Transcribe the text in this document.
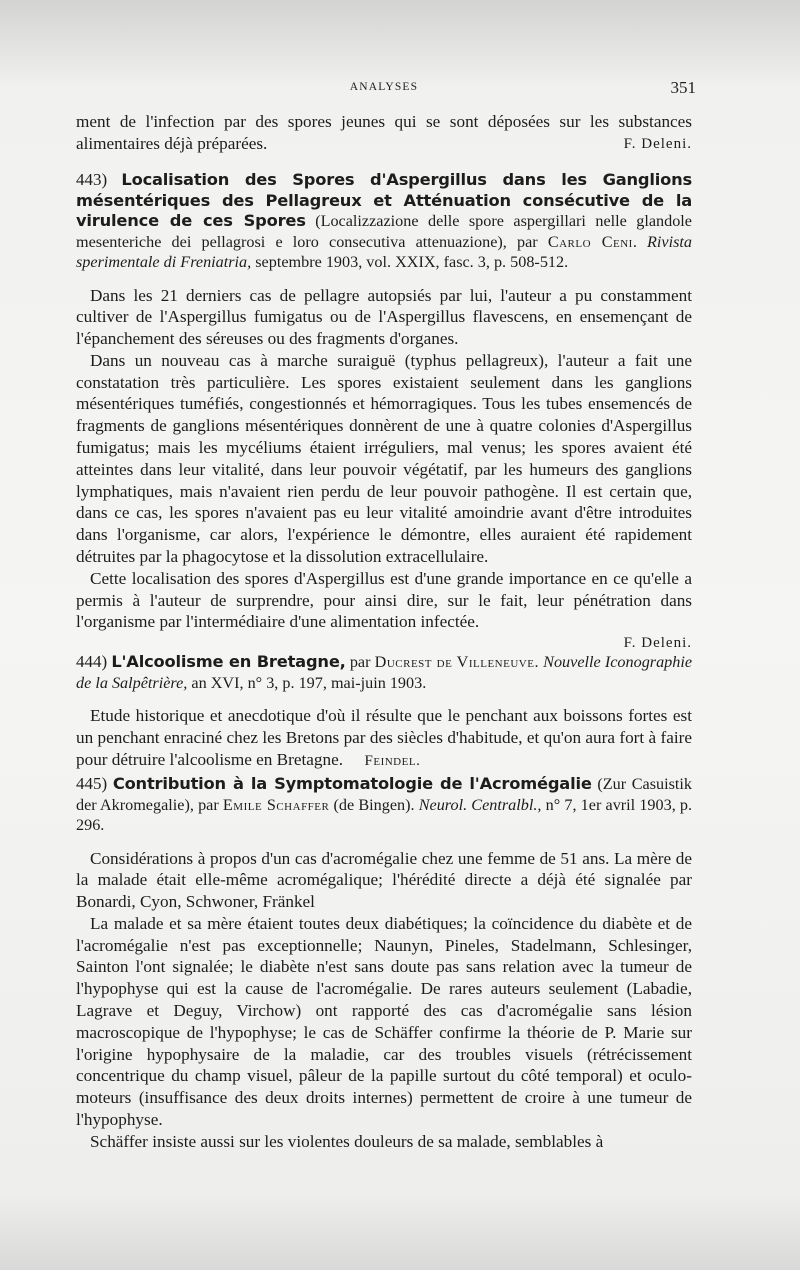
ANALYSES	351

ment de l'infection par des spores jeunes qui se sont déposées sur les substances alimentaires déjà préparées.	F. Deleni.

443) Localisation des Spores d'Aspergillus dans les Ganglions mésentériques des Pellagreux et Atténuation consécutive de la virulence de ces Spores (Localizzazione delle spore aspergillari nelle glandole mesenteriche dei pellagrosi e loro consecutiva attenuazione), par Carlo Ceni. Rivista sperimentale di Freniatria, septembre 1903, vol. XXIX, fasc. 3, p. 508-512.

Dans les 21 derniers cas de pellagre autopsiés par lui, l'auteur a pu constamment cultiver de l'Aspergillus fumigatus ou de l'Aspergillus flavescens, en ensemençant de l'épanchement des séreuses ou des fragments d'organes.

Dans un nouveau cas à marche suraiguë (typhus pellagreux), l'auteur a fait une constatation très particulière. Les spores existaient seulement dans les ganglions mésentériques tuméfiés, congestionnés et hémorragiques. Tous les tubes ensemencés de fragments de ganglions mésentériques donnèrent de une à quatre colonies d'Aspergillus fumigatus; mais les mycéliums étaient irréguliers, mal venus; les spores avaient été atteintes dans leur vitalité, dans leur pouvoir végétatif, par les humeurs des ganglions lymphatiques, mais n'avaient rien perdu de leur pouvoir pathogène. Il est certain que, dans ce cas, les spores n'avaient pas eu leur vitalité amoindrie avant d'être introduites dans l'organisme, car alors, l'expérience le démontre, elles auraient été rapidement détruites par la phagocytose et la dissolution extracellulaire.

Cette localisation des spores d'Aspergillus est d'une grande importance en ce qu'elle a permis à l'auteur de surprendre, pour ainsi dire, sur le fait, leur pénétration dans l'organisme par l'intermédiaire d'une alimentation infectée.

F. Deleni.

444) L'Alcoolisme en Bretagne, par Ducrest de Villeneuve. Nouvelle Iconographie de la Salpêtrière, an XVI, n° 3, p. 197, mai-juin 1903.

Etude historique et anecdotique d'où il résulte que le penchant aux boissons fortes est un penchant enraciné chez les Bretons par des siècles d'habitude, et qu'on aura fort à faire pour détruire l'alcoolisme en Bretagne. Feindel.

445) Contribution à la Symptomatologie de l'Acromégalie (Zur Casuistik der Akromegalie), par Emile Schaffer (de Bingen). Neurol. Centralbl., n° 7, 1er avril 1903, p. 296.

Considérations à propos d'un cas d'acromégalie chez une femme de 51 ans. La mère de la malade était elle-même acromégalique; l'hérédité directe a déjà été signalée par Bonardi, Cyon, Schwoner, Fränkel

La malade et sa mère étaient toutes deux diabétiques; la coïncidence du diabète et de l'acromégalie n'est pas exceptionnelle; Naunyn, Pineles, Stadelmann, Schlesinger, Sainton l'ont signalée; le diabète n'est sans doute pas sans relation avec la tumeur de l'hypophyse qui est la cause de l'acromégalie. De rares auteurs seulement (Labadie, Lagrave et Deguy, Virchow) ont rapporté des cas d'acromégalie sans lésion macroscopique de l'hypophyse; le cas de Schäffer confirme la théorie de P. Marie sur l'origine hypophysaire de la maladie, car des troubles visuels (rétrécissement concentrique du champ visuel, pâleur de la papille surtout du côté temporal) et oculo-moteurs (insuffisance des deux droits internes) permettent de croire à une tumeur de l'hypophyse.

Schäffer insiste aussi sur les violentes douleurs de sa malade, semblables à
